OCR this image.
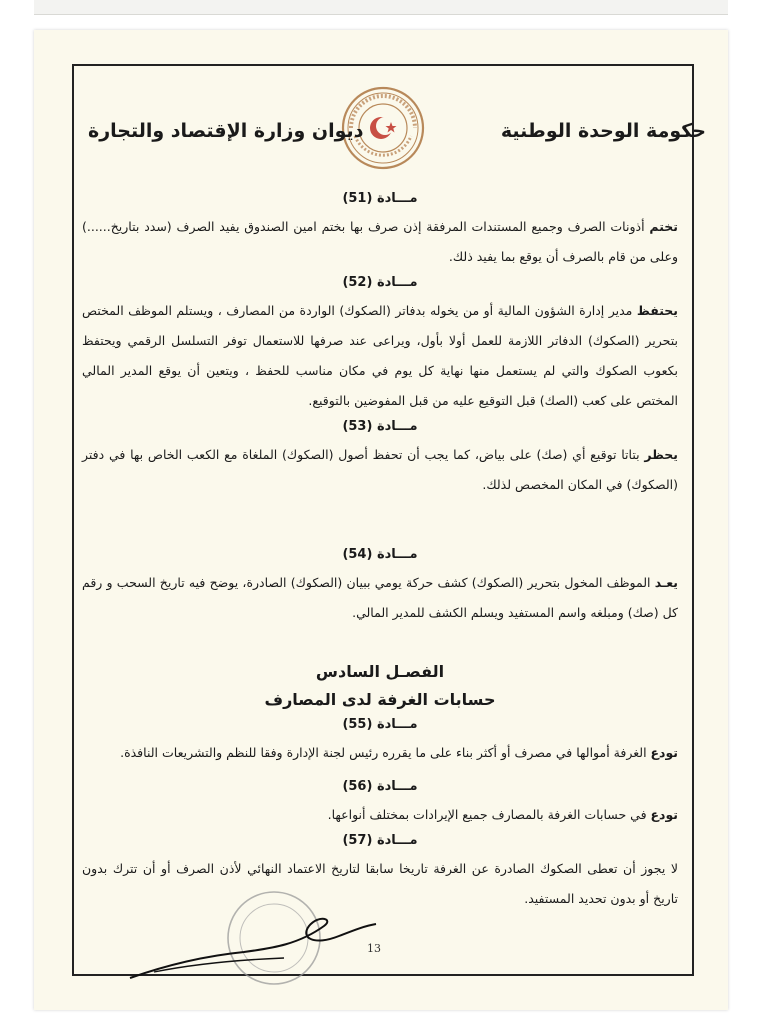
حكومة الوحدة الوطنية
ديوان وزارة الإقتصاد والتجارة

مـــادة (51)

تختم أذونات الصرف وجميع المستندات المرفقة إذن صرف بها بختم امين الصندوق يفيد الصرف (سدد بتاريخ......) وعلى من قام بالصرف أن يوقع بما يفيد ذلك.

مـــادة (52)

يحتفظ مدير إدارة الشؤون المالية أو من يخوله بدفاتر (الصكوك) الواردة من المصارف ، ويستلم الموظف المختص بتحرير (الصكوك) الدفاتر اللازمة للعمل أولا بأول، ويراعى عند صرفها للاستعمال توفر التسلسل الرقمي ويحتفظ بكعوب الصكوك والتي لم يستعمل منها نهاية كل يوم في مكان مناسب للحفظ ، ويتعين أن يوقع المدير المالي المختص على كعب (الصك) قبل التوقيع عليه من قبل المفوضين بالتوقيع.

مـــادة (53)

يحظر بتاتا توقيع أي (صك) على بياض، كما يجب أن تحفظ أصول (الصكوك) الملغاة مع الكعب الخاص بها في دفتر (الصكوك) في المكان المخصص لذلك.

مـــادة (54)

يعـد الموظف المخول بتحرير (الصكوك) كشف حركة يومي ببيان (الصكوك) الصادرة، يوضح فيه تاريخ السحب و رقم كل (صك) ومبلغه واسم المستفيد ويسلم الكشف للمدير المالي.

الفصـل السادس

حسابات الغرفة لدى المصارف

مـــادة (55)

تودع الغرفة أموالها في مصرف أو أكثر بناء على ما يقرره رئيس لجنة الإدارة وفقا للنظم والتشريعات النافذة.

مـــادة (56)

تودع في حسابات الغرفة بالمصارف جميع الإيرادات بمختلف أنواعها.

مـــادة (57)

لا يجوز أن تعطى الصكوك الصادرة عن الغرفة تاريخا سابقا لتاريخ الاعتماد النهائي لأذن الصرف أو أن تترك بدون تاريخ أو بدون تحديد المستفيد.

13
